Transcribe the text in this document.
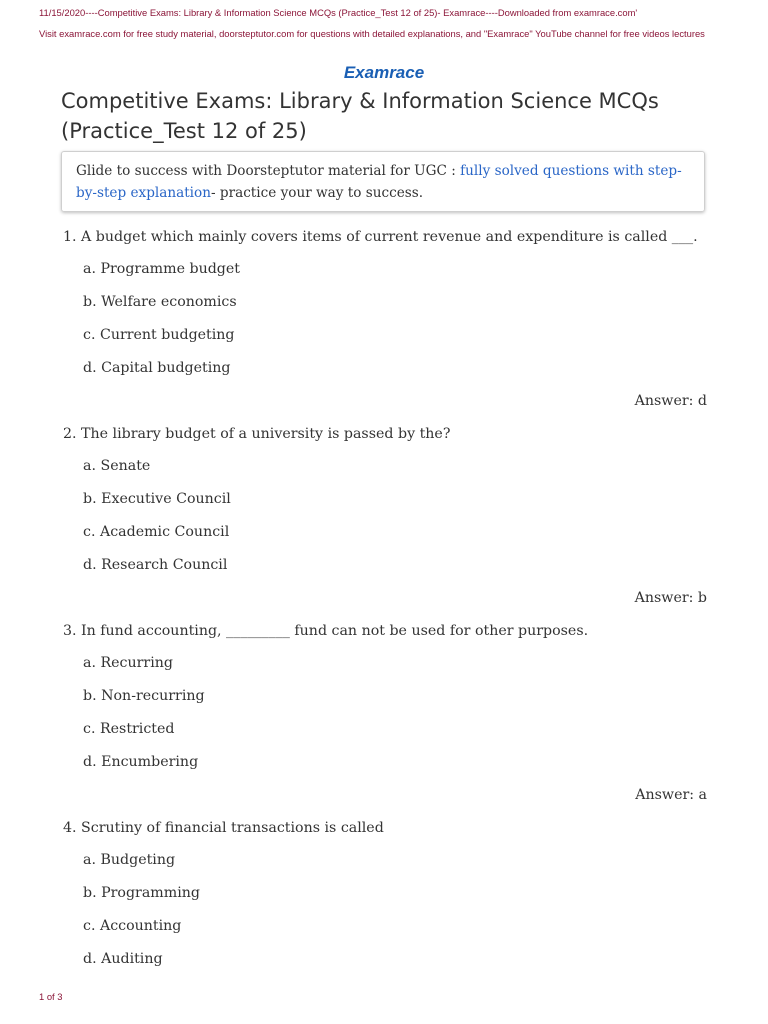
11/15/2020----Competitive Exams: Library & Information Science MCQs (Practice_Test 12 of 25)- Examrace----Downloaded from examrace.com'
Visit examrace.com for free study material, doorsteptutor.com for questions with detailed explanations, and "Examrace" YouTube channel for free videos lectures
Examrace
Competitive Exams: Library & Information Science MCQs (Practice_Test 12 of 25)
Glide to success with Doorsteptutor material for UGC : fully solved questions with step-by-step explanation- practice your way to success.
1. A budget which mainly covers items of current revenue and expenditure is called ___.
a. Programme budget
b. Welfare economics
c. Current budgeting
d. Capital budgeting
Answer: d
2. The library budget of a university is passed by the?
a. Senate
b. Executive Council
c. Academic Council
d. Research Council
Answer: b
3. In fund accounting, _________ fund can not be used for other purposes.
a. Recurring
b. Non-recurring
c. Restricted
d. Encumbering
Answer: a
4. Scrutiny of financial transactions is called
a. Budgeting
b. Programming
c. Accounting
d. Auditing
1 of 3
